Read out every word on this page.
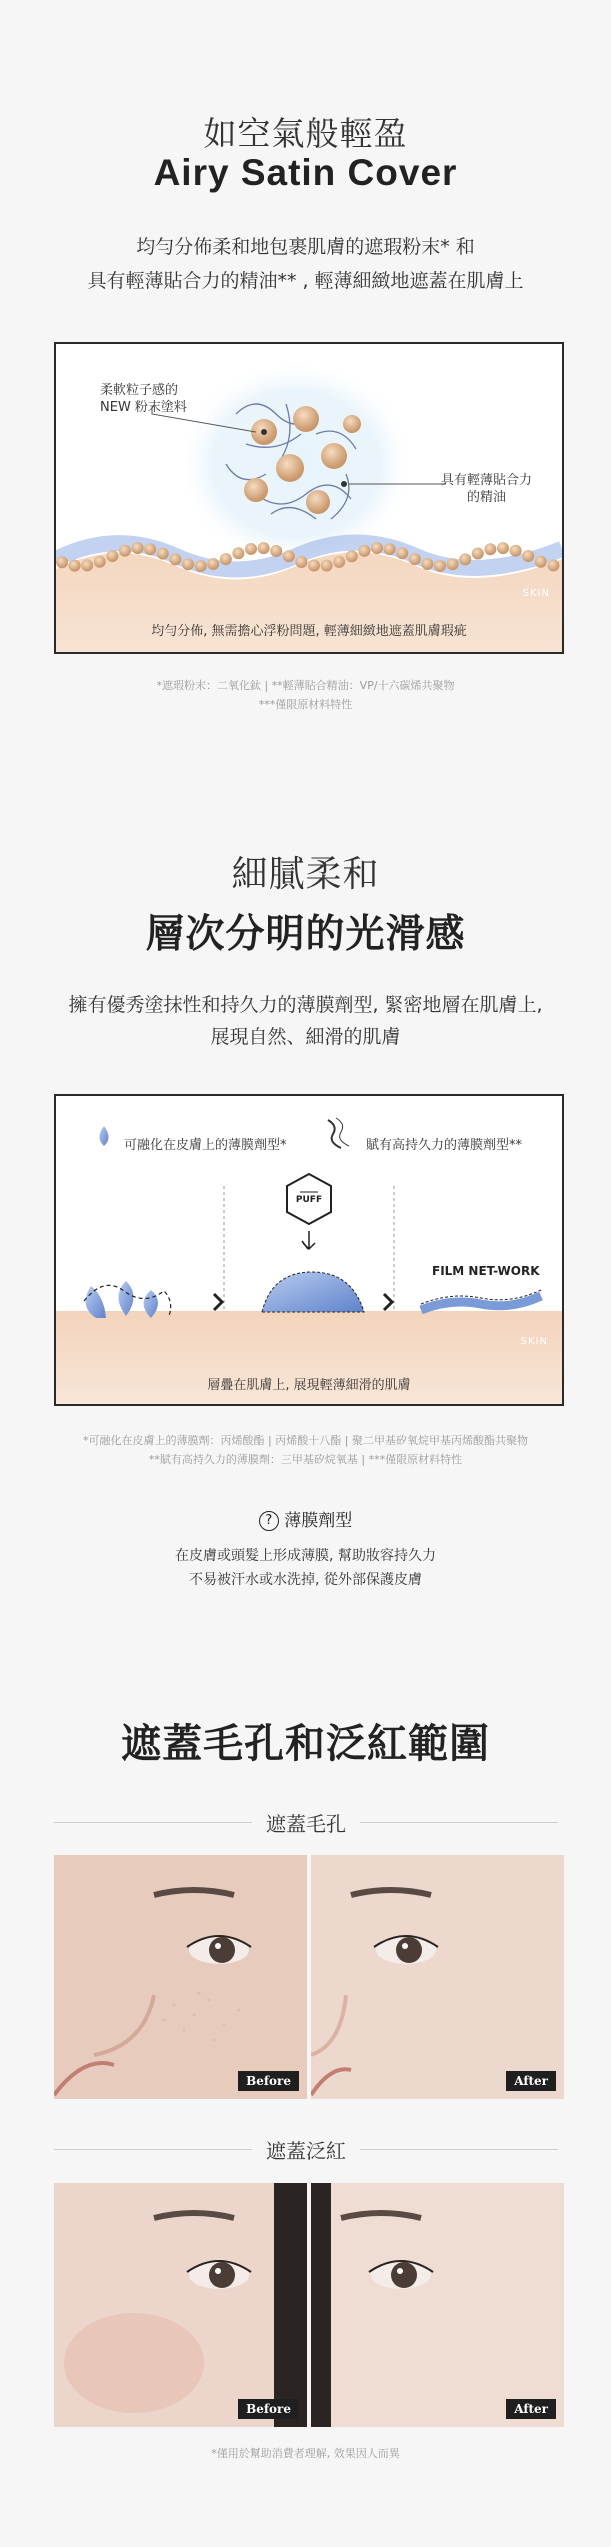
如空氣般輕盈
Airy Satin Cover
均勻分佈柔和地包裹肌膚的遮瑕粉末* 和
具有輕薄貼合力的精油** , 輕薄細緻地遮蓋在肌膚上
柔軟粒子感的
NEW 粉末塗料
具有輕薄貼合力
的精油
SKIN
均勻分佈, 無需擔心浮粉問題, 輕薄細緻地遮蓋肌膚瑕疵
*遮瑕粉末：二氧化鈦 | **輕薄貼合精油：VP/十六碳烯共聚物
***僅限原材料特性
細膩柔和
層次分明的光滑感
擁有優秀塗抹性和持久力的薄膜劑型, 緊密地層在肌膚上,
展現自然、細滑的肌膚
可融化在皮膚上的薄膜劑型*	賦有高持久力的薄膜劑型**
PUFF
FILM NET-WORK
SKIN
層疊在肌膚上, 展現輕薄細滑的肌膚
*可融化在皮膚上的薄膜劑：丙烯酸酯 | 丙烯酸十八酯 | 聚二甲基矽氧烷甲基丙烯酸酯共聚物
**賦有高持久力的薄膜劑：三甲基矽烷氧基 | ***僅限原材料特性
? 薄膜劑型
在皮膚或頭髮上形成薄膜, 幫助妝容持久力
不易被汗水或水洗掉, 從外部保護皮膚
遮蓋毛孔和泛紅範圍
遮蓋毛孔
Before	After
遮蓋泛紅
Before	After
*僅用於幫助消費者理解, 效果因人而異
